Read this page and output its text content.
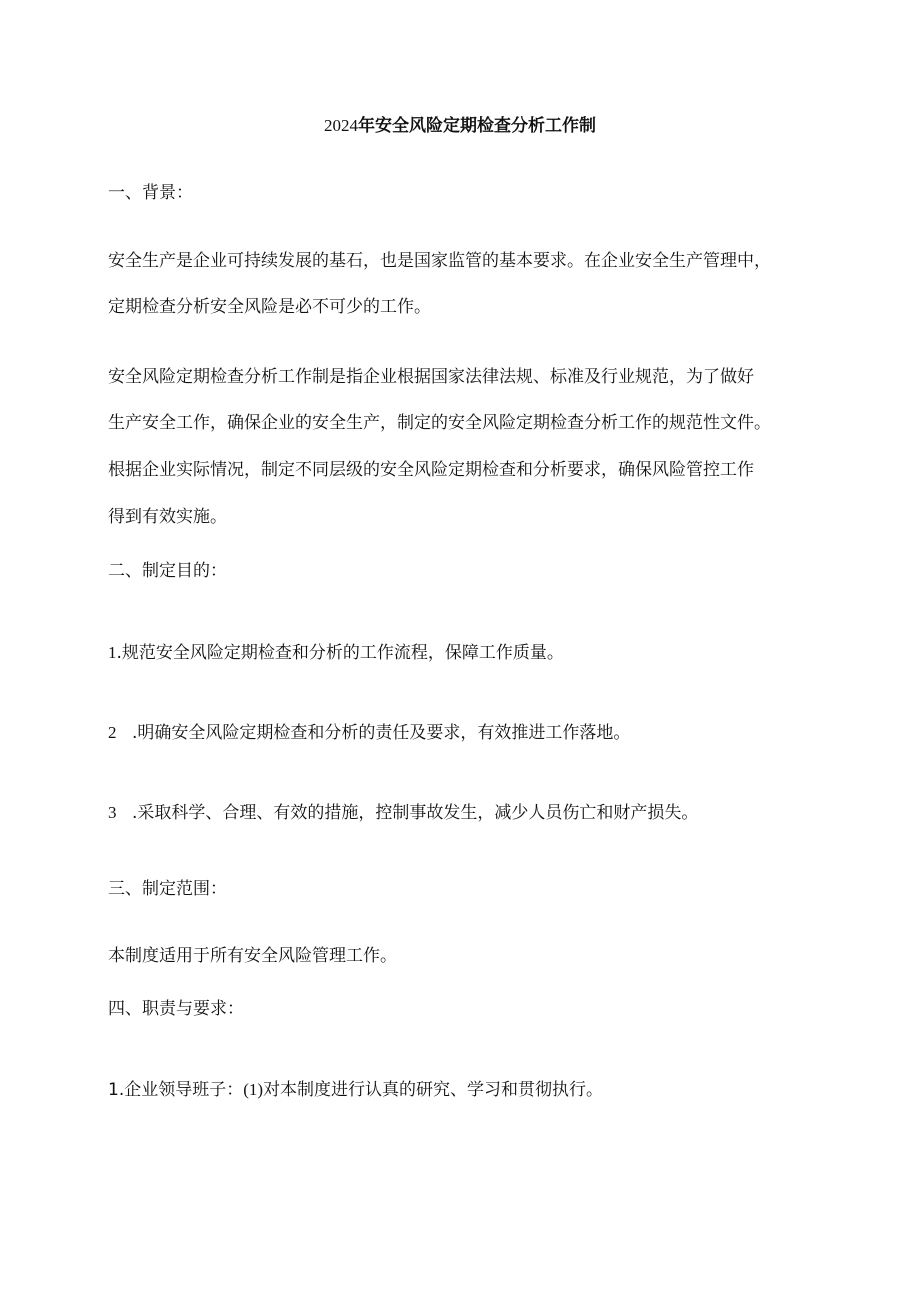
2024年安全风险定期检查分析工作制
一、背景：
安全生产是企业可持续发展的基石，也是国家监管的基本要求。在企业安全生产管理中，
定期检查分析安全风险是必不可少的工作。
安全风险定期检查分析工作制是指企业根据国家法律法规、标准及行业规范，为了做好
生产安全工作，确保企业的安全生产，制定的安全风险定期检查分析工作的规范性文件。
根据企业实际情况，制定不同层级的安全风险定期检查和分析要求，确保风险管控工作
得到有效实施。
二、制定目的：
1.规范安全风险定期检查和分析的工作流程，保障工作质量。
2 .明确安全风险定期检查和分析的责任及要求，有效推进工作落地。
3 .采取科学、合理、有效的措施，控制事故发生，减少人员伤亡和财产损失。
三、制定范围：
本制度适用于所有安全风险管理工作。
四、职责与要求：
1.企业领导班子：(1)对本制度进行认真的研究、学习和贯彻执行。
